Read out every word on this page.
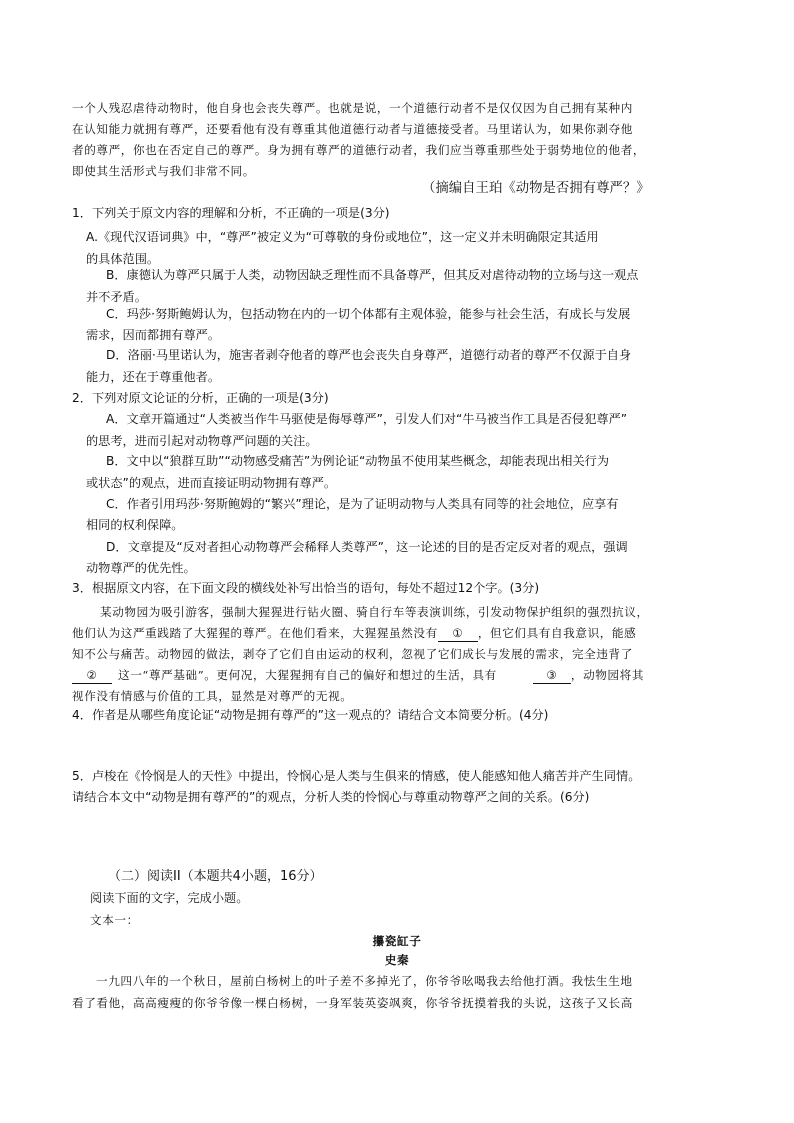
一个人残忍虐待动物时，他自身也会丧失尊严。也就是说，一个道德行动者不是仅仅因为自己拥有某种内
在认知能力就拥有尊严，还要看他有没有尊重其他道德行动者与道德接受者。马里诺认为，如果你剥夺他
者的尊严，你也在否定自己的尊严。身为拥有尊严的道德行动者，我们应当尊重那些处于弱势地位的他者，
即使其生活形式与我们非常不同。
（摘编自王珀《动物是否拥有尊严？》
1．下列关于原文内容的理解和分析，不正确的一项是(3分)
A.《现代汉语词典》中，“尊严”被定义为“可尊敬的身份或地位”，这一定义并未明确限定其适用
的具体范围。
B．康德认为尊严只属于人类，动物因缺乏理性而不具备尊严，但其反对虐待动物的立场与这一观点
并不矛盾。
C．玛莎·努斯鲍姆认为，包括动物在内的一切个体都有主观体验，能参与社会生活，有成长与发展
需求，因而都拥有尊严。
D．洛丽·马里诺认为，施害者剥夺他者的尊严也会丧失自身尊严，道德行动者的尊严不仅源于自身
能力，还在于尊重他者。
2．下列对原文论证的分析，正确的一项是(3分)
A．文章开篇通过“人类被当作牛马驱使是侮辱尊严”，引发人们对“牛马被当作工具是否侵犯尊严”
的思考，进而引起对动物尊严问题的关注。
B．文中以“狼群互助”“动物感受痛苦”为例论证“动物虽不使用某些概念，却能表现出相关行为
或状态”的观点，进而直接证明动物拥有尊严。
C．作者引用玛莎·努斯鲍姆的“繁兴”理论，是为了证明动物与人类具有同等的社会地位，应享有
相同的权利保障。
D．文章提及“反对者担心动物尊严会稀释人类尊严”，这一论述的目的是否定反对者的观点，强调
动物尊严的优先性。
3．根据原文内容，在下面文段的横线处补写出恰当的语句，每处不超过12个字。(3分)
某动物园为吸引游客，强制大猩猩进行钻火圈、骑自行车等表演训练，引发动物保护组织的强烈抗议，
他们认为这严重践踏了大猩猩的尊严。在他们看来，大猩猩虽然没有 ① ，但它们具有自我意识，能感
知不公与痛苦。动物园的做法，剥夺了它们自由运动的权利，忽视了它们成长与发展的需求，完全违背了
② 这一“尊严基础”。更何况，大猩猩拥有自己的偏好和想过的生活，具有	③ ，动物园将其
视作没有情感与价值的工具，显然是对尊严的无视。
4．作者是从哪些角度论证“动物是拥有尊严的”这一观点的？请结合文本简要分析。(4分)
5．卢梭在《怜悯是人的天性》中提出，怜悯心是人类与生俱来的情感，使人能感知他人痛苦并产生同情。
请结合本文中“动物是拥有尊严的”的观点，分析人类的怜悯心与尊重动物尊严之间的关系。(6分)
（二）阅读II（本题共4小题，16分）
阅读下面的文字，完成小题。
文本一：
攥瓷缸子
史秦
一九四八年的一个秋日，屋前白杨树上的叶子差不多掉光了，你爷爷吆喝我去给他打酒。我怯生生地
看了看他，高高瘦瘦的你爷爷像一棵白杨树，一身军装英姿飒爽，你爷爷抚摸着我的头说，这孩子又长高
